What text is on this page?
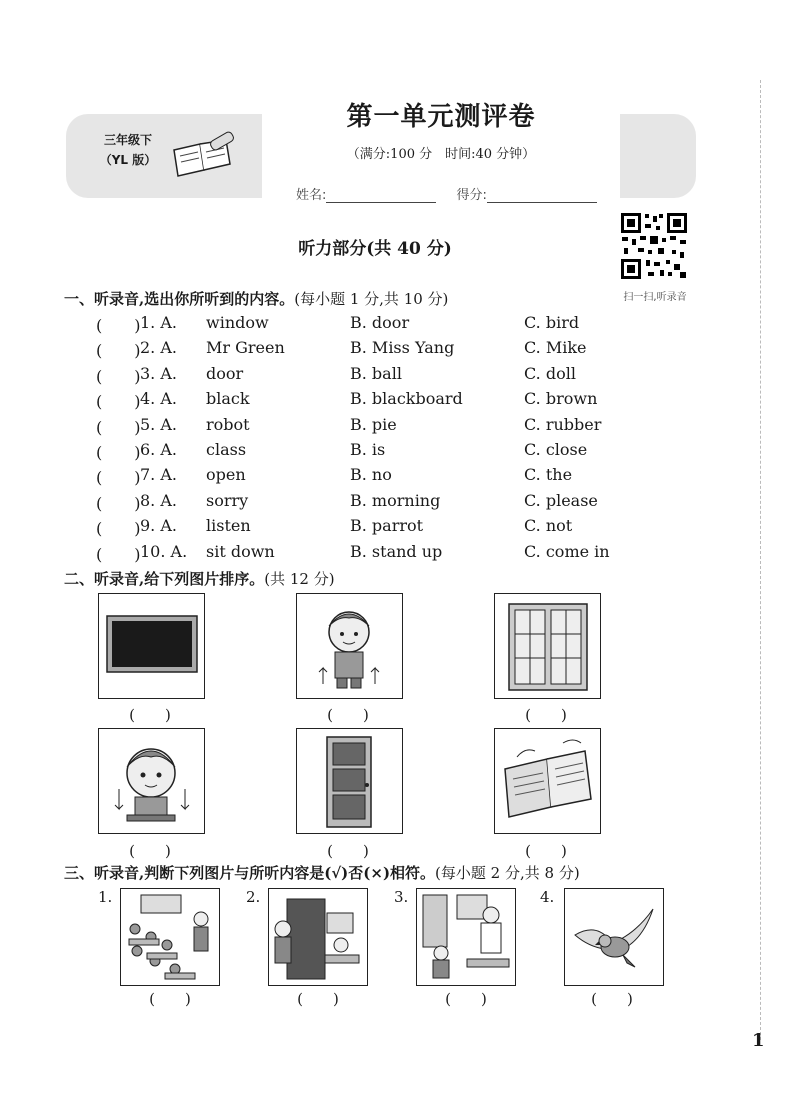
三年级下
（YL 版）
第一单元测评卷
（满分:100 分　时间:40 分钟）
姓名:	得分:
扫一扫,听录音
听力部分(共 40 分)
一、听录音,选出你所听到的内容。(每小题 1 分,共 10 分)
(　　) 1. A. window	B. door	C. bird
(　　) 2. A. Mr Green	B. Miss Yang	C. Mike
(　　) 3. A. door	B. ball	C. doll
(　　) 4. A. black	B. blackboard	C. brown
(　　) 5. A. robot	B. pie	C. rubber
(　　) 6. A. class	B. is	C. close
(　　) 7. A. open	B. no	C. the
(　　) 8. A. sorry	B. morning	C. please
(　　) 9. A. listen	B. parrot	C. not
(　　) 10. A. sit down	B. stand up	C. come in
二、听录音,给下列图片排序。(共 12 分)
(　　)	(　　)	(　　)
(　　)	(　　)	(　　)
三、听录音,判断下列图片与所听内容是(√)否(×)相符。(每小题 2 分,共 8 分)
1.	2.	3.	4.
(　　)	(　　)	(　　)	(　　)
1
